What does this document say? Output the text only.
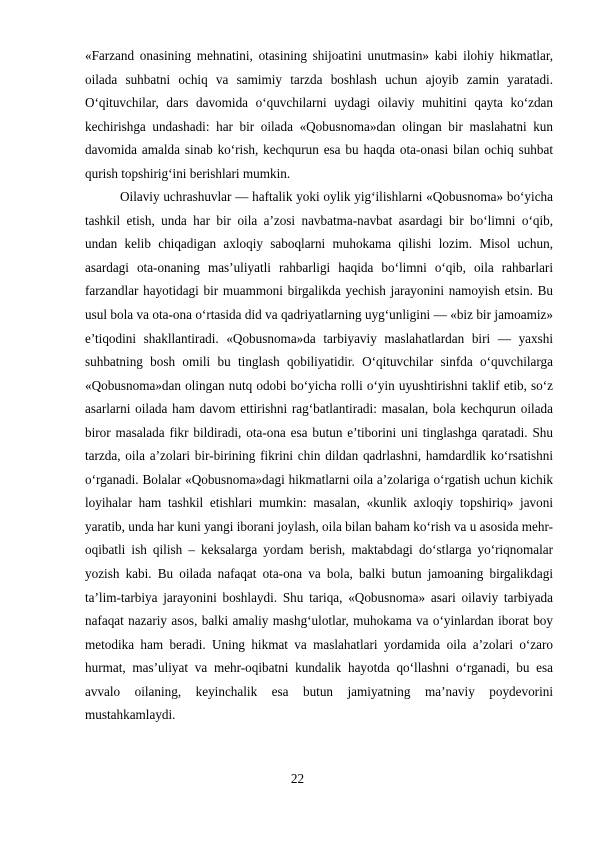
«Farzand onasining mehnatini, otasining shijoatini unutmasin» kabi ilohiy hikmatlar, oilada suhbatni ochiq va samimiy tarzda boshlash uchun ajoyib zamin yaratadi. O‘qituvchilar, dars davomida o‘quvchilarni uydagi oilaviy muhitini qayta ko‘zdan kechirishga undashadi: har bir oilada «Qobusnoma»dan olingan bir maslahatni kun davomida amalda sinab ko‘rish, kechqurun esa bu haqda ota-onasi bilan ochiq suhbat qurish topshirig‘ini berishlari mumkin.

Oilaviy uchrashuvlar — haftalik yoki oylik yig‘ilishlarni «Qobusnoma» bo‘yicha tashkil etish, unda har bir oila a’zosi navbatma-navbat asardagi bir bo‘limni o‘qib, undan kelib chiqadigan axloqiy saboqlarni muhokama qilishi lozim. Misol uchun, asardagi ota-onaning mas’uliyatli rahbarligi haqida bo‘limni o‘qib, oila rahbarlari farzandlar hayotidagi bir muammoni birgalikda yechish jarayonini namoyish etsin. Bu usul bola va ota-ona o‘rtasida did va qadriyatlarning uyg‘unligini — «biz bir jamoamiz» e’tiqodini shakllantiradi. «Qobusnoma»da tarbiyaviy maslahatlardan biri — yaxshi suhbatning bosh omili bu tinglash qobiliyatidir. O‘qituvchilar sinfda o‘quvchilarga «Qobusnoma»dan olingan nutq odobi bo‘yicha rolli o‘yin uyushtirishni taklif etib, so‘z asarlarni oilada ham davom ettirishni rag‘batlantiradi: masalan, bola kechqurun oilada biror masalada fikr bildiradi, ota-ona esa butun e’tiborini uni tinglashga qaratadi. Shu tarzda, oila a’zolari bir-birining fikrini chin dildan qadrlashni, hamdardlik ko‘rsatishni o‘rganadi. Bolalar «Qobusnoma»dagi hikmatlarni oila a’zolariga o‘rgatish uchun kichik loyihalar ham tashkil etishlari mumkin: masalan, «kunlik axloqiy topshiriq» javoni yaratib, unda har kuni yangi iborani joylash, oila bilan baham ko‘rish va u asosida mehr-oqibatli ish qilish – keksalarga yordam berish, maktabdagi do‘stlarga yo‘riqnomalar yozish kabi. Bu oilada nafaqat ota-ona va bola, balki butun jamoaning birgalikdagi ta’lim-tarbiya jarayonini boshlaydi. Shu tariqa, «Qobusnoma» asari oilaviy tarbiyada nafaqat nazariy asos, balki amaliy mashg‘ulotlar, muhokama va o‘yinlardan iborat boy metodika ham beradi. Uning hikmat va maslahatlari yordamida oila a’zolari o‘zaro hurmat, mas’uliyat va mehr-oqibatni kundalik hayotda qo‘llashni o‘rganadi, bu esa avvalo oilaning, keyinchalik esa butun jamiyatning ma’naviy poydevorini mustahkamlaydi.

22
